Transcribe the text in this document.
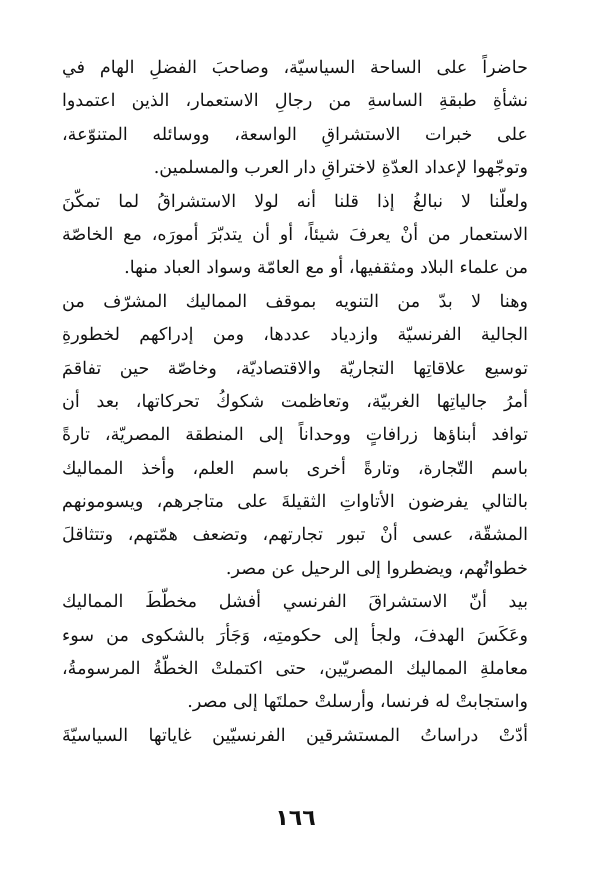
حاضراً على الساحة السياسيّة، وصاحبَ الفضلِ الهام في
نشأةِ طبقةِ الساسةِ من رجالِ الاستعمار، الذين اعتمدوا
على خبرات الاستشراقِ الواسعة، ووسائله المتنوّعة،
وتوجّهوا لإعداد العدّةِ لاختراقِ دار العرب والمسلمين.
ولعلّنا لا نبالغُ إذا قلنا أنه لولا الاستشراقُ لما تمكّنَ
الاستعمار من أنْ يعرفَ شيئاً، أو أن يتدبّرَ أمورَه، مع الخاصّة
من علماء البلاد ومثقفيها، أو مع العامّة وسواد العباد منها.
وهنا لا بدّ من التنويه بموقف المماليك المشرّف من
الجالية الفرنسيّة وازدياد عددها، ومن إدراكهم لخطورةِ
توسيع علاقاتِها التجاريّة والاقتصاديّة، وخاصّة حين تفاقمَ
أمرُ جالياتِها الغربيّة، وتعاظمت شكوكُ تحركاتها، بعد أن
توافد أبناؤها زرافاتٍ ووحداناً إلى المنطقة المصريّة، تارةً
باسم التّجارة، وتارةً أخرى باسم العلم، وأخذ المماليك
بالتالي يفرضون الأتاواتِ الثقيلةَ على متاجرهم، ويسومونهم
المشقّة، عسى أنْ تبور تجارتهم، وتضعف همّتهم، وتتثاقلَ
خطواتُهم، ويضطروا إلى الرحيل عن مصر.
بيد أنّ الاستشراقَ الفرنسي أفشل مخطّطَ المماليك
وعَكَسَ الهدفَ، ولجأ إلى حكومتِه، وَجَأرَ بالشكوى من سوء
معاملةِ المماليك المصريّين، حتى اكتملتْ الخطّةُ المرسومةُ،
واستجابتْ له فرنسا، وأرسلتْ حملتَها إلى مصر.
أدّتْ دراساتُ المستشرقين الفرنسيّين غاياتها السياسيّةَ
١٦٦
